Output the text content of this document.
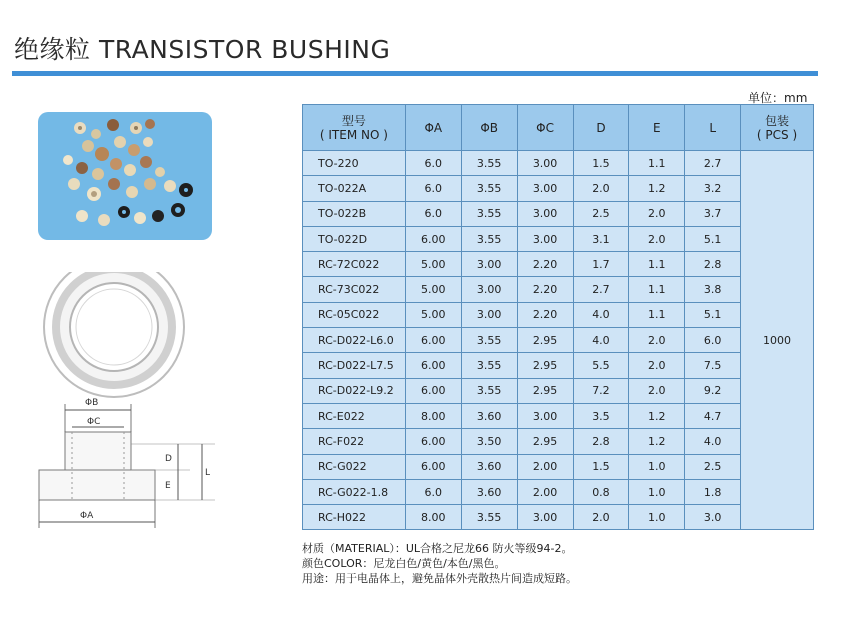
绝缘粒 TRANSISTOR BUSHING
单位：mm
ΦB
ΦC
ΦA
D
E
L
型号
( ITEM NO )	ΦA	ΦB	ΦC	D	E	L	包装
( PCS )
TO-220	6.0	3.55	3.00	1.5	1.1	2.7	1000
TO-022A	6.0	3.55	3.00	2.0	1.2	3.2	
TO-022B	6.0	3.55	3.00	2.5	2.0	3.7	
TO-022D	6.00	3.55	3.00	3.1	2.0	5.1	
RC-72C022	5.00	3.00	2.20	1.7	1.1	2.8	
RC-73C022	5.00	3.00	2.20	2.7	1.1	3.8	
RC-05C022	5.00	3.00	2.20	4.0	1.1	5.1	
RC-D022-L6.0	6.00	3.55	2.95	4.0	2.0	6.0	
RC-D022-L7.5	6.00	3.55	2.95	5.5	2.0	7.5	
RC-D022-L9.2	6.00	3.55	2.95	7.2	2.0	9.2	
RC-E022	8.00	3.60	3.00	3.5	1.2	4.7	
RC-F022	6.00	3.50	2.95	2.8	1.2	4.0	
RC-G022	6.00	3.60	2.00	1.5	1.0	2.5	
RC-G022-1.8	6.0	3.60	2.00	0.8	1.0	1.8	
RC-H022	8.00	3.55	3.00	2.0	1.0	3.0	
材质（MATERIAL）：UL合格之尼龙66 防火等级94-2。
颜色COLOR：尼龙白色/黄色/本色/黑色。
用途：用于电晶体上，避免晶体外壳散热片间造成短路。
